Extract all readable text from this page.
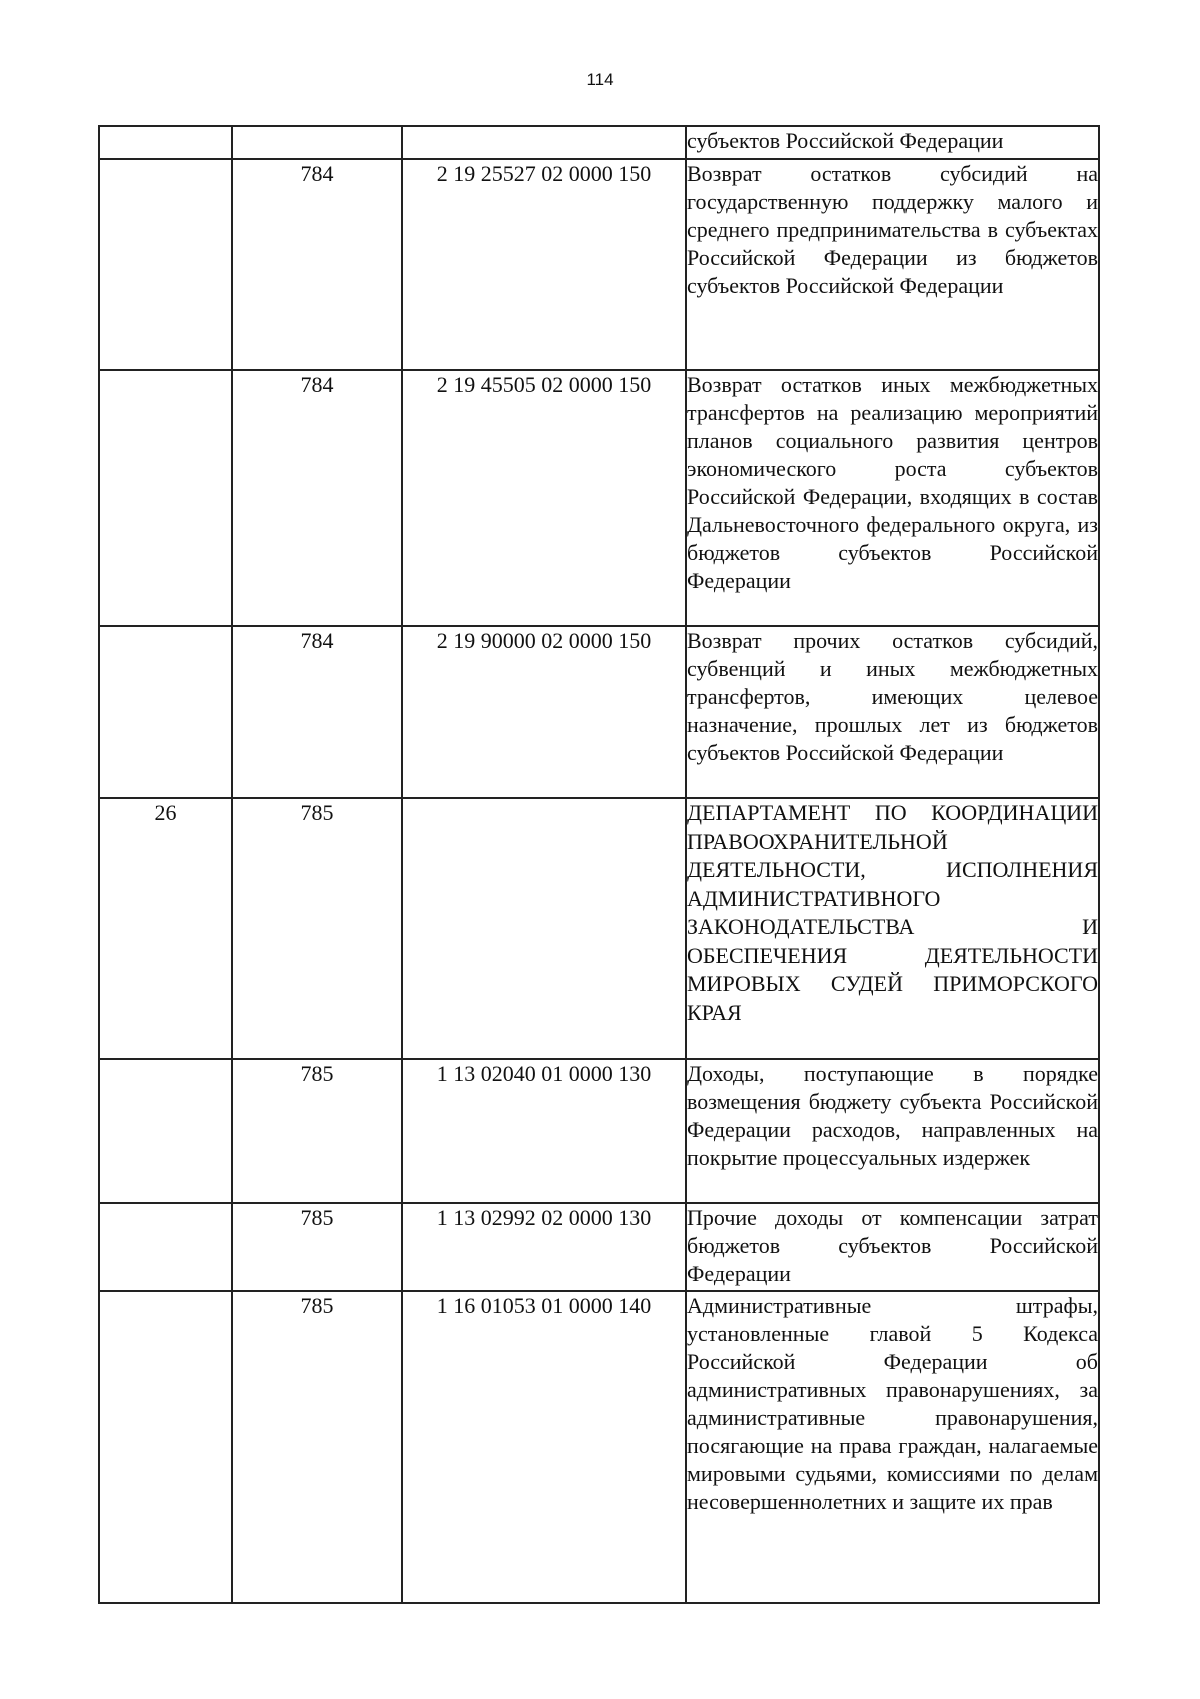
114

			субъектов Российской Федерации

	784	2 19 25527 02 0000 150	Возврат остатков субсидий на государственную поддержку малого и среднего предпринимательства в субъектах Российской Федерации из бюджетов субъектов Российской Федерации

	784	2 19 45505 02 0000 150	Возврат остатков иных межбюджетных трансфертов на реализацию мероприятий планов социального развития центров экономического роста субъектов Российской Федерации, входящих в состав Дальневосточного федерального округа, из бюджетов субъектов Российской Федерации

	784	2 19 90000 02 0000 150	Возврат прочих остатков субсидий, субвенций и иных межбюджетных трансфертов, имеющих целевое назначение, прошлых лет из бюджетов субъектов Российской Федерации

26	785		ДЕПАРТАМЕНТ ПО КООРДИНАЦИИ ПРАВООХРАНИТЕЛЬНОЙ ДЕЯТЕЛЬНОСТИ, ИСПОЛНЕНИЯ АДМИНИСТРАТИВНОГО ЗАКОНОДАТЕЛЬСТВА И ОБЕСПЕЧЕНИЯ ДЕЯТЕЛЬНОСТИ МИРОВЫХ СУДЕЙ ПРИМОРСКОГО КРАЯ

	785	1 13 02040 01 0000 130	Доходы, поступающие в порядке возмещения бюджету субъекта Российской Федерации расходов, направленных на покрытие процессуальных издержек

	785	1 13 02992 02 0000 130	Прочие доходы от компенсации затрат бюджетов субъектов Российской Федерации

	785	1 16 01053 01 0000 140	Административные штрафы, установленные главой 5 Кодекса Российской Федерации об административных правонарушениях, за административные правонарушения, посягающие на права граждан, налагаемые мировыми судьями, комиссиями по делам несовершеннолетних и защите их прав
